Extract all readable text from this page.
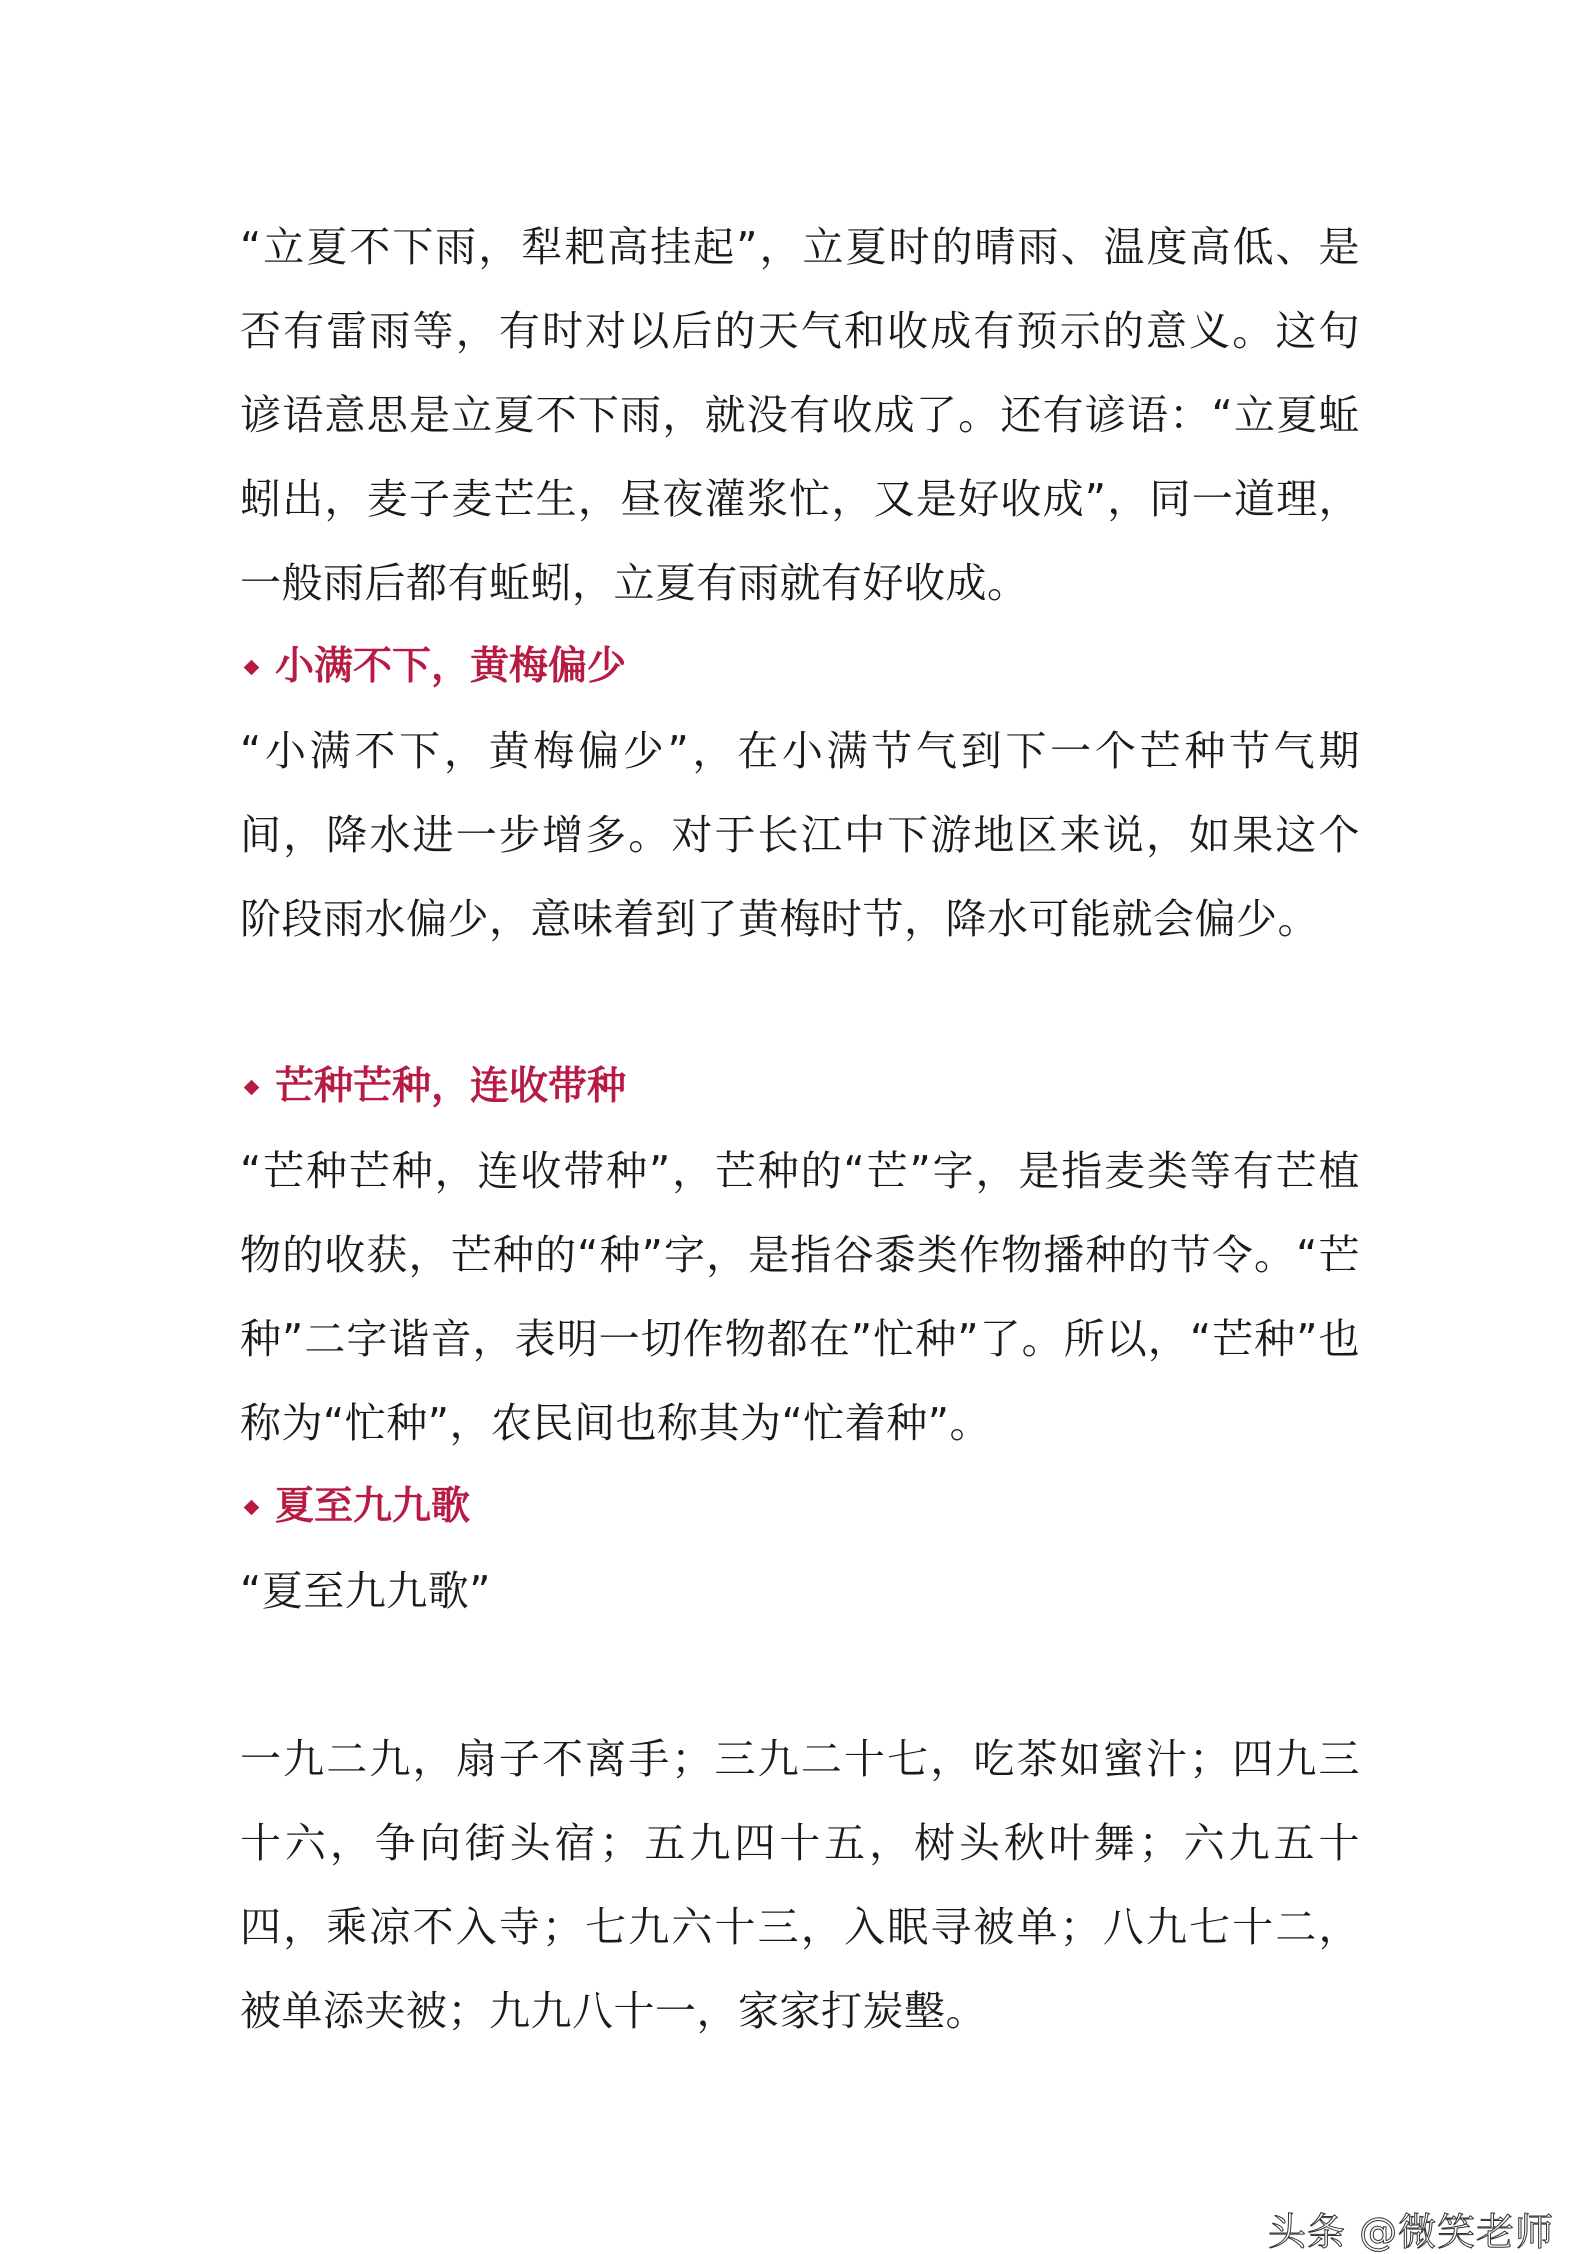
“立夏不下雨，犁耙高挂起”，立夏时的晴雨、温度高低、是否有雷雨等，有时对以后的天气和收成有预示的意义。这句谚语意思是立夏不下雨，就没有收成了。还有谚语：“立夏蚯蚓出，麦子麦芒生，昼夜灌浆忙，又是好收成”，同一道理，一般雨后都有蚯蚓，立夏有雨就有好收成。

小满不下，黄梅偏少

“小满不下，黄梅偏少”，在小满节气到下一个芒种节气期间，降水进一步增多。对于长江中下游地区来说，如果这个阶段雨水偏少，意味着到了黄梅时节，降水可能就会偏少。

芒种芒种，连收带种

“芒种芒种，连收带种”，芒种的“芒”字，是指麦类等有芒植物的收获，芒种的“种”字，是指谷黍类作物播种的节令。“芒种”二字谐音，表明一切作物都在”忙种”了。所以，“芒种”也称为“忙种”，农民间也称其为“忙着种”。

夏至九九歌

“夏至九九歌”

一九二九，扇子不离手；三九二十七，吃茶如蜜汁；四九三十六，争向街头宿；五九四十五，树头秋叶舞；六九五十四，乘凉不入寺；七九六十三，入眠寻被单；八九七十二，被单添夹被；九九八十一，家家打炭墼。

头条 @微笑老师
